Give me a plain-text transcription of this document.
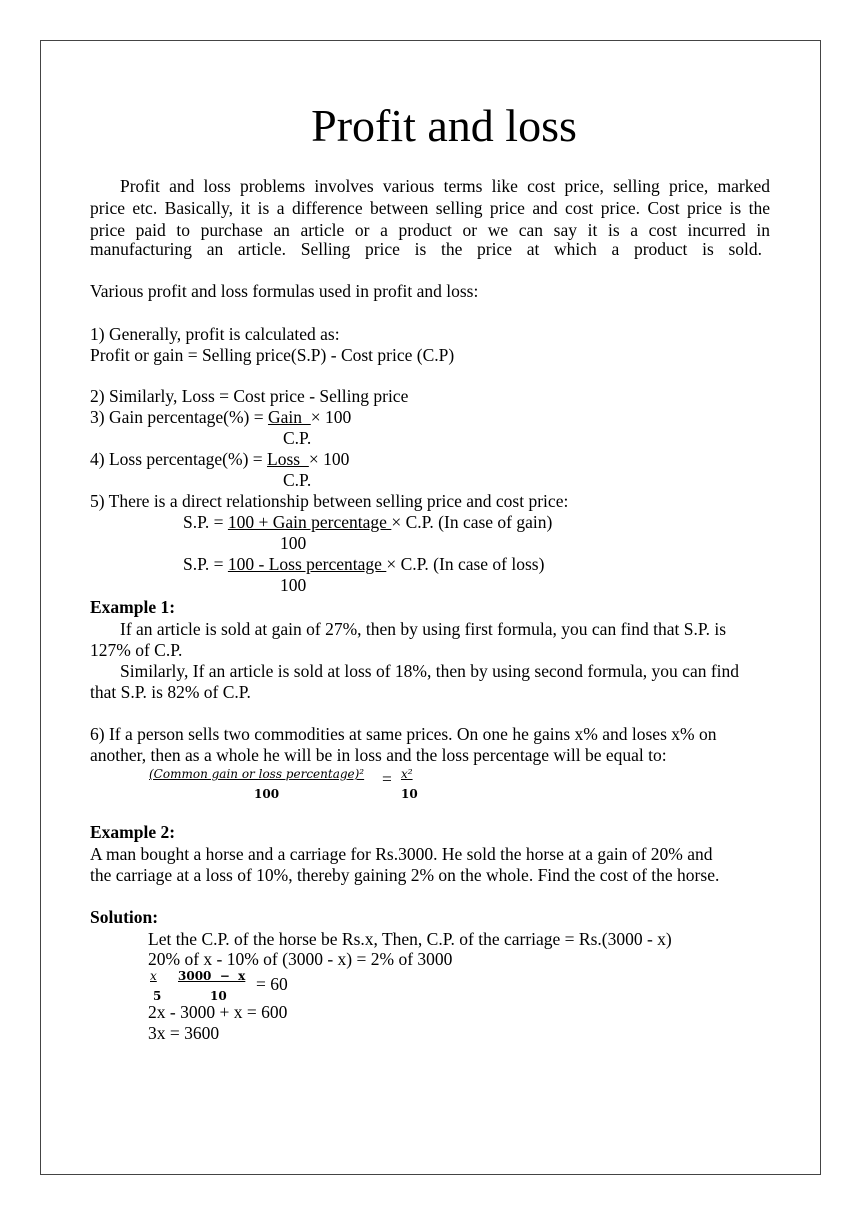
Profit and loss
Profit and loss problems involves various terms like cost price, selling price, marked
price etc. Basically, it is a difference between selling price and cost price. Cost price is the
price paid to purchase an article or a product or we can say it is a cost incurred in
manufacturing an article. Selling price is the price at which a product is sold.
Various profit and loss formulas used in profit and loss:
1) Generally, profit is calculated as:
Profit or gain = Selling price(S.P) - Cost price (C.P)
2) Similarly, Loss = Cost price - Selling price
3) Gain percentage(%) = Gain  × 100
C.P.
4) Loss percentage(%) = Loss  × 100
C.P.
5) There is a direct relationship between selling price and cost price:
S.P. = 100 + Gain percentage × C.P. (In case of gain)
100
S.P. = 100 - Loss percentage × C.P. (In case of loss)
100
Example 1:
If an article is sold at gain of 27%, then by using first formula, you can find that S.P. is
127% of C.P.
Similarly, If an article is sold at loss of 18%, then by using second formula, you can find
that S.P. is 82% of C.P.
6) If a person sells two commodities at same prices. On one he gains x% and loses x% on
another, then as a whole he will be in loss and the loss percentage will be equal to:
(Common gain or loss percentage)²
100
= x²
10
Example 2:
A man bought a horse and a carriage for Rs.3000. He sold the horse at a gain of 20% and
the carriage at a loss of 10%, thereby gaining 2% on the whole. Find the cost of the horse.
Solution:
Let the C.P. of the horse be Rs.x, Then, C.P. of the carriage = Rs.(3000 - x)
20% of x - 10% of (3000 - x) = 2% of 3000
x
5
3000  −  x
10
= 60
2x - 3000 + x = 600
3x = 3600
